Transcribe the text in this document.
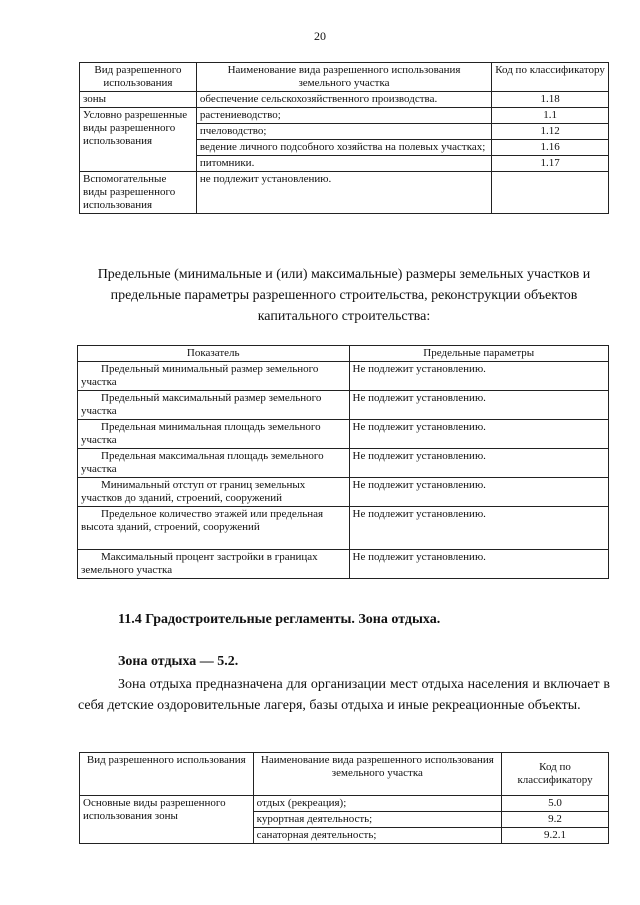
20
Вид разрешенного использования	Наименование вида разрешенного использования земельного участка	Код по классификатору
зоны	обеспечение сельскохозяйственного производства.	1.18
Условно разрешенные виды разрешенного использования	растениеводство;	1.1
	пчеловодство;	1.12
	ведение личного подсобного хозяйства на полевых участках;	1.16
	питомники.	1.17
Вспомогательные виды разрешенного использования	не подлежит установлению.	
Предельные (минимальные и (или) максимальные) размеры земельных участков и предельные параметры разрешенного строительства, реконструкции объектов капитального строительства:
Показатель	Предельные параметры
Предельный минимальный размер земельного участка	Не подлежит установлению.
Предельный максимальный размер земельного участка	Не подлежит установлению.
Предельная минимальная площадь земельного участка	Не подлежит установлению.
Предельная максимальная площадь земельного участка	Не подлежит установлению.
Минимальный отступ от границ земельных участков до зданий, строений, сооружений	Не подлежит установлению.
Предельное количество этажей или предельная высота зданий, строений, сооружений	Не подлежит установлению.
Максимальный процент застройки в границах земельного участка	Не подлежит установлению.
11.4 Градостроительные регламенты. Зона отдыха.
Зона отдыха — 5.2.
Зона отдыха предназначена для организации мест отдыха населения и включает в себя детские оздоровительные лагеря, базы отдыха и иные рекреационные объекты.
Вид разрешенного использования	Наименование вида разрешенного использования земельного участка	Код по классификатору
Основные виды разрешенного использования зоны	отдых (рекреация);	5.0
	курортная деятельность;	9.2
	санаторная деятельность;	9.2.1
